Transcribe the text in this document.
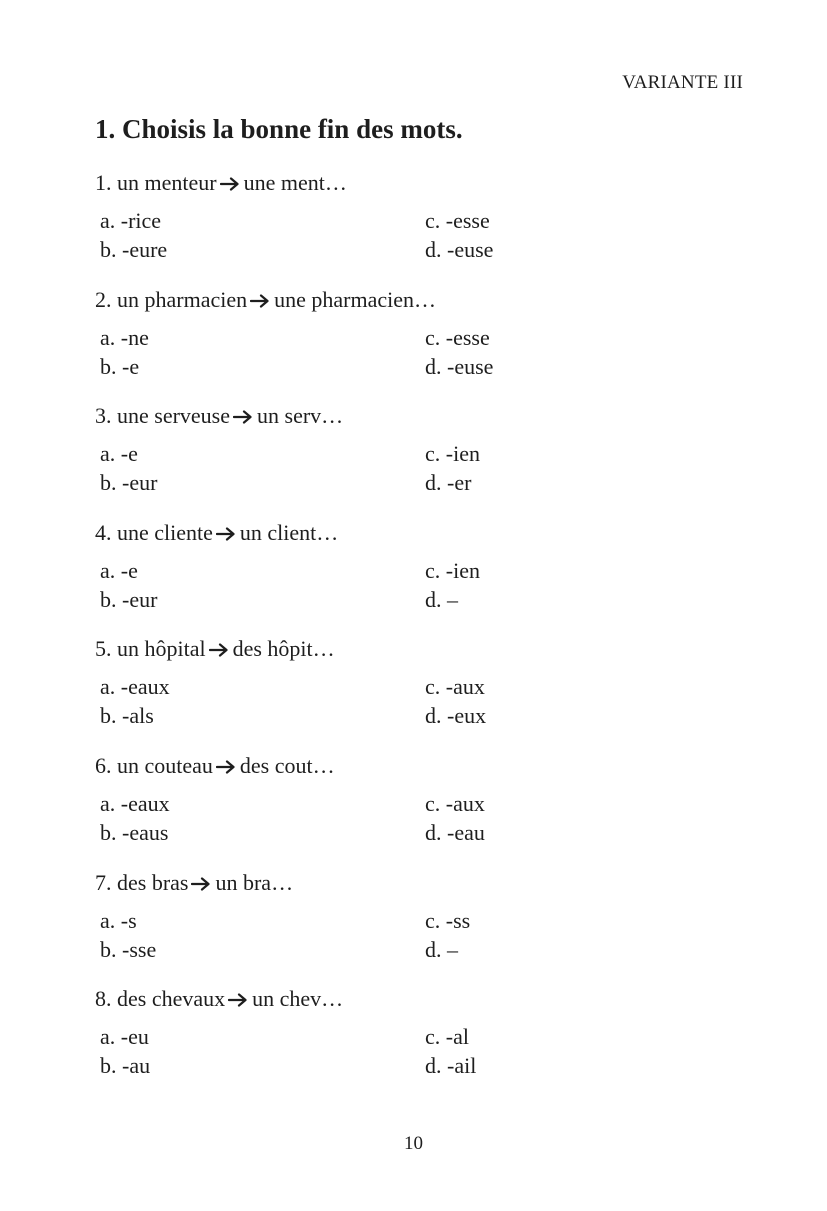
VARIANTE III
1. Choisis la bonne fin des mots.
1. un menteur une ment…
a. -rice
b. -eure
c. -esse
d. -euse
2. un pharmacien une pharmacien…
a. -ne
b. -e
c. -esse
d. -euse
3. une serveuse un serv…
a. -e
b. -eur
c. -ien
d. -er
4. une cliente un client…
a. -e
b. -eur
c. -ien
d. –
5. un hôpital des hôpit…
a. -eaux
b. -als
c. -aux
d. -eux
6. un couteau des cout…
a. -eaux
b. -eaus
c. -aux
d. -eau
7. des bras un bra…
a. -s
b. -sse
c. -ss
d. –
8. des chevaux un chev…
a. -eu
b. -au
c. -al
d. -ail
10
